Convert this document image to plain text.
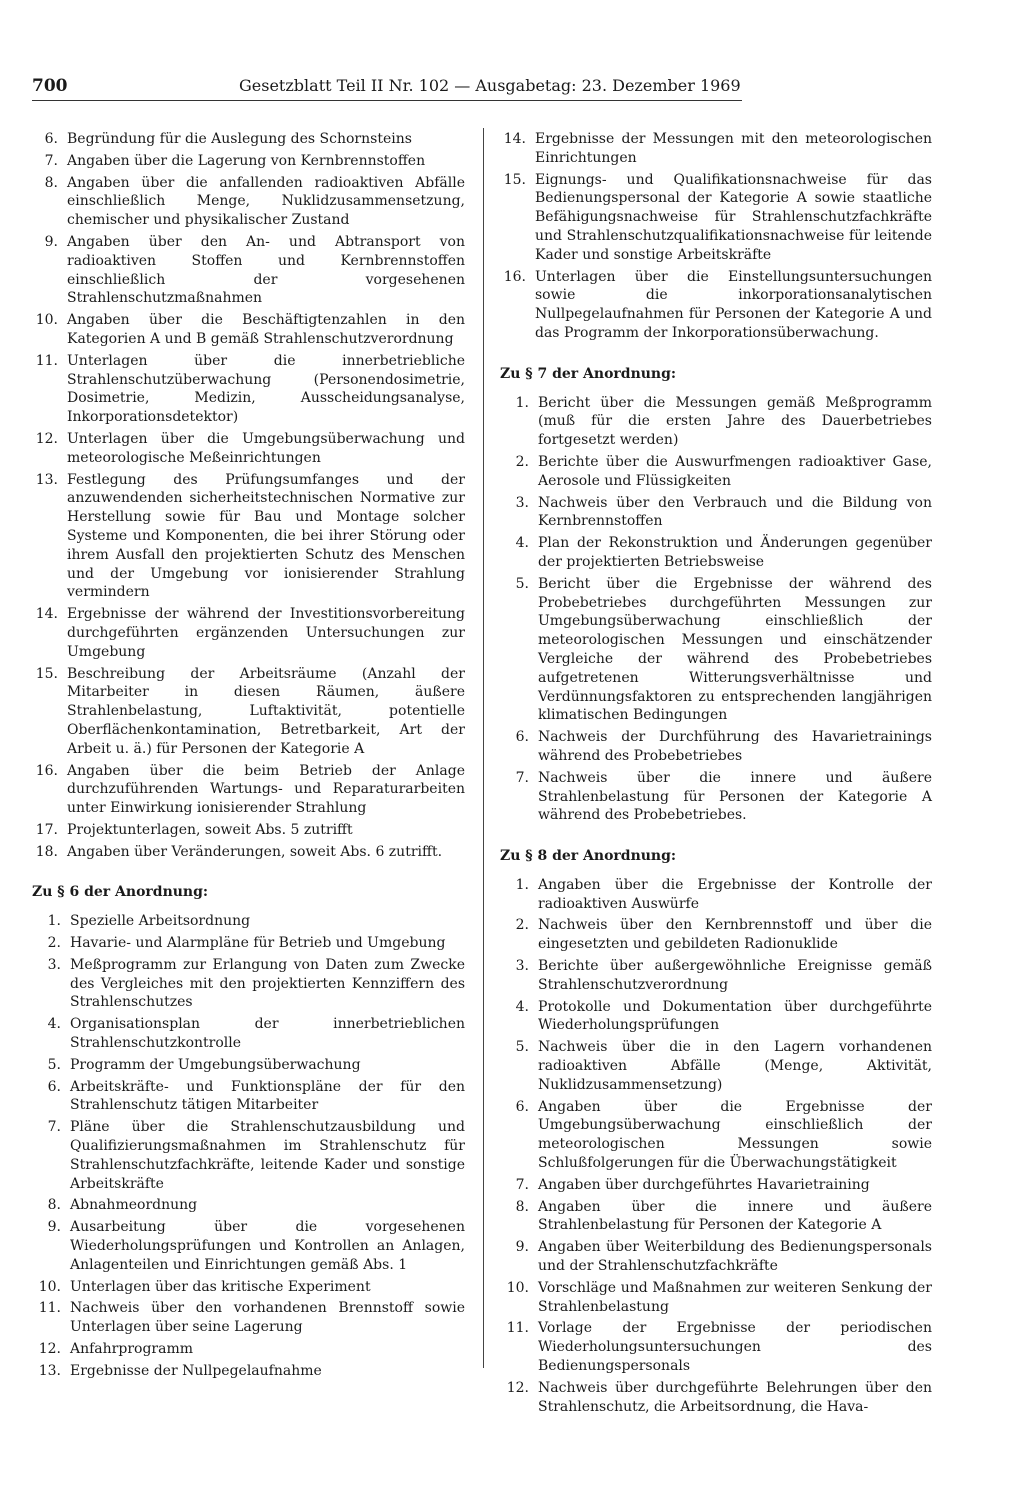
700	Gesetzblatt Teil II Nr. 102 — Ausgabetag: 23. Dezember 1969
6. Begründung für die Auslegung des Schornsteins
7. Angaben über die Lagerung von Kernbrennstoffen
8. Angaben über die anfallenden radioaktiven Abfälle einschließlich Menge, Nuklidzusammensetzung, chemischer und physikalischer Zustand
9. Angaben über den An- und Abtransport von radioaktiven Stoffen und Kernbrennstoffen einschließlich der vorgesehenen Strahlenschutzmaßnahmen
10. Angaben über die Beschäftigtenzahlen in den Kategorien A und B gemäß Strahlenschutzverordnung
11. Unterlagen über die innerbetriebliche Strahlenschutzüberwachung (Personendosimetrie, Dosimetrie, Medizin, Ausscheidungsanalyse, Inkorporationsdetektor)
12. Unterlagen über die Umgebungsüberwachung und meteorologische Meßeinrichtungen
13. Festlegung des Prüfungsumfanges und der anzuwendenden sicherheitstechnischen Normative zur Herstellung sowie für Bau und Montage solcher Systeme und Komponenten, die bei ihrer Störung oder ihrem Ausfall den projektierten Schutz des Menschen und der Umgebung vor ionisierender Strahlung vermindern
14. Ergebnisse der während der Investitionsvorbereitung durchgeführten ergänzenden Untersuchungen zur Umgebung
15. Beschreibung der Arbeitsräume (Anzahl der Mitarbeiter in diesen Räumen, äußere Strahlenbelastung, Luftaktivität, potentielle Oberflächenkontamination, Betretbarkeit, Art der Arbeit u. ä.) für Personen der Kategorie A
16. Angaben über die beim Betrieb der Anlage durchzuführenden Wartungs- und Reparaturarbeiten unter Einwirkung ionisierender Strahlung
17. Projektunterlagen, soweit Abs. 5 zutrifft
18. Angaben über Veränderungen, soweit Abs. 6 zutrifft.
Zu § 6 der Anordnung:
1. Spezielle Arbeitsordnung
2. Havarie- und Alarmpläne für Betrieb und Umgebung
3. Meßprogramm zur Erlangung von Daten zum Zwecke des Vergleiches mit den projektierten Kennziffern des Strahlenschutzes
4. Organisationsplan der innerbetrieblichen Strahlenschutzkontrolle
5. Programm der Umgebungsüberwachung
6. Arbeitskräfte- und Funktionspläne der für den Strahlenschutz tätigen Mitarbeiter
7. Pläne über die Strahlenschutzausbildung und Qualifizierungsmaßnahmen im Strahlenschutz für Strahlenschutzfachkräfte, leitende Kader und sonstige Arbeitskräfte
8. Abnahmeordnung
9. Ausarbeitung über die vorgesehenen Wiederholungsprüfungen und Kontrollen an Anlagen, Anlagenteilen und Einrichtungen gemäß Abs. 1
10. Unterlagen über das kritische Experiment
11. Nachweis über den vorhandenen Brennstoff sowie Unterlagen über seine Lagerung
12. Anfahrprogramm
13. Ergebnisse der Nullpegelaufnahme
14. Ergebnisse der Messungen mit den meteorologischen Einrichtungen
15. Eignungs- und Qualifikationsnachweise für das Bedienungspersonal der Kategorie A sowie staatliche Befähigungsnachweise für Strahlenschutzfachkräfte und Strahlenschutzqualifikationsnachweise für leitende Kader und sonstige Arbeitskräfte
16. Unterlagen über die Einstellungsuntersuchungen sowie die inkorporationsanalytischen Nullpegelaufnahmen für Personen der Kategorie A und das Programm der Inkorporationsüberwachung.
Zu § 7 der Anordnung:
1. Bericht über die Messungen gemäß Meßprogramm (muß für die ersten Jahre des Dauerbetriebes fortgesetzt werden)
2. Berichte über die Auswurfmengen radioaktiver Gase, Aerosole und Flüssigkeiten
3. Nachweis über den Verbrauch und die Bildung von Kernbrennstoffen
4. Plan der Rekonstruktion und Änderungen gegenüber der projektierten Betriebsweise
5. Bericht über die Ergebnisse der während des Probebetriebes durchgeführten Messungen zur Umgebungsüberwachung einschließlich der meteorologischen Messungen und einschätzender Vergleiche der während des Probebetriebes aufgetretenen Witterungsverhältnisse und Verdünnungsfaktoren zu entsprechenden langjährigen klimatischen Bedingungen
6. Nachweis der Durchführung des Havarietrainings während des Probebetriebes
7. Nachweis über die innere und äußere Strahlenbelastung für Personen der Kategorie A während des Probebetriebes.
Zu § 8 der Anordnung:
1. Angaben über die Ergebnisse der Kontrolle der radioaktiven Auswürfe
2. Nachweis über den Kernbrennstoff und über die eingesetzten und gebildeten Radionuklide
3. Berichte über außergewöhnliche Ereignisse gemäß Strahlenschutzverordnung
4. Protokolle und Dokumentation über durchgeführte Wiederholungsprüfungen
5. Nachweis über die in den Lagern vorhandenen radioaktiven Abfälle (Menge, Aktivität, Nuklidzusammensetzung)
6. Angaben über die Ergebnisse der Umgebungsüberwachung einschließlich der meteorologischen Messungen sowie Schlußfolgerungen für die Überwachungstätigkeit
7. Angaben über durchgeführtes Havarietraining
8. Angaben über die innere und äußere Strahlenbelastung für Personen der Kategorie A
9. Angaben über Weiterbildung des Bedienungspersonals und der Strahlenschutzfachkräfte
10. Vorschläge und Maßnahmen zur weiteren Senkung der Strahlenbelastung
11. Vorlage der Ergebnisse der periodischen Wiederholungsuntersuchungen des Bedienungspersonals
12. Nachweis über durchgeführte Belehrungen über den Strahlenschutz, die Arbeitsordnung, die Hava-
